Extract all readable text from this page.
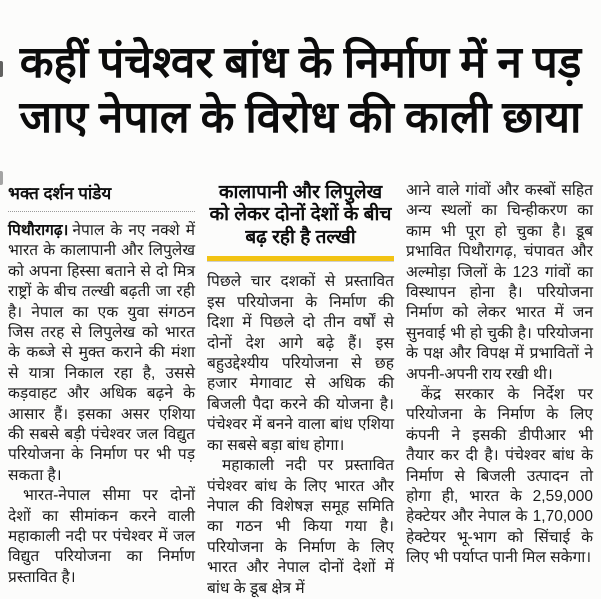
कहीं पंचेश्वर बांध के निर्माण में न पड़
जाए नेपाल के विरोध की काली छाया
भक्त दर्शन पांडेय

पिथौरागढ़। नेपाल के नए नक्शे में भारत के कालापानी और लिपुलेख को अपना हिस्सा बताने से दो मित्र राष्ट्रों के बीच तल्खी बढ़ती जा रही है। नेपाल का एक युवा संगठन जिस तरह से लिपुलेख को भारत के कब्जे से मुक्त कराने की मंशा से यात्रा निकाल रहा है, उससे कड़वाहट और अधिक बढ़ने के आसार हैं। इसका असर एशिया की सबसे बड़ी पंचेश्वर जल विद्युत परियोजना के निर्माण पर भी पड़ सकता है।

भारत-नेपाल सीमा पर दोनों देशों का सीमांकन करने वाली महाकाली नदी पर पंचेश्वर में जल विद्युत परियोजना का निर्माण प्रस्तावित है।

कालापानी और लिपुलेख को लेकर दोनों देशों के बीच बढ़ रही है तल्खी

पिछले चार दशकों से प्रस्तावित इस परियोजना के निर्माण की दिशा में पिछले दो तीन वर्षों से दोनों देश आगे बढ़े हैं। इस बहुउद्देश्यीय परियोजना से छह हजार मेगावाट से अधिक की बिजली पैदा करने की योजना है। पंचेश्वर में बनने वाला बांध एशिया का सबसे बड़ा बांध होगा।

महाकाली नदी पर प्रस्तावित पंचेश्वर बांध के लिए भारत और नेपाल की विशेषज्ञ समूह समिति का गठन भी किया गया है। परियोजना के निर्माण के लिए भारत और नेपाल दोनों देशों में बांध के डूब क्षेत्र में

आने वाले गांवों और कस्बों सहित अन्य स्थलों का चिन्हीकरण का काम भी पूरा हो चुका है। डूब प्रभावित पिथौरागढ़, चंपावत और अल्मोड़ा जिलों के 123 गांवों का विस्थापन होना है। परियोजना निर्माण को लेकर भारत में जन सुनवाई भी हो चुकी है। परियोजना के पक्ष और विपक्ष में प्रभावितों ने अपनी-अपनी राय रखी थी।

केंद्र सरकार के निर्देश पर परियोजना के निर्माण के लिए कंपनी ने इसकी डीपीआर भी तैयार कर दी है। पंचेश्वर बांध के निर्माण से बिजली उत्पादन तो होगा ही, भारत के 2,59,000 हेक्टेयर और नेपाल के 1,70,000 हेक्टेयर भू-भाग को सिंचाई के लिए भी पर्याप्त पानी मिल सकेगा।
